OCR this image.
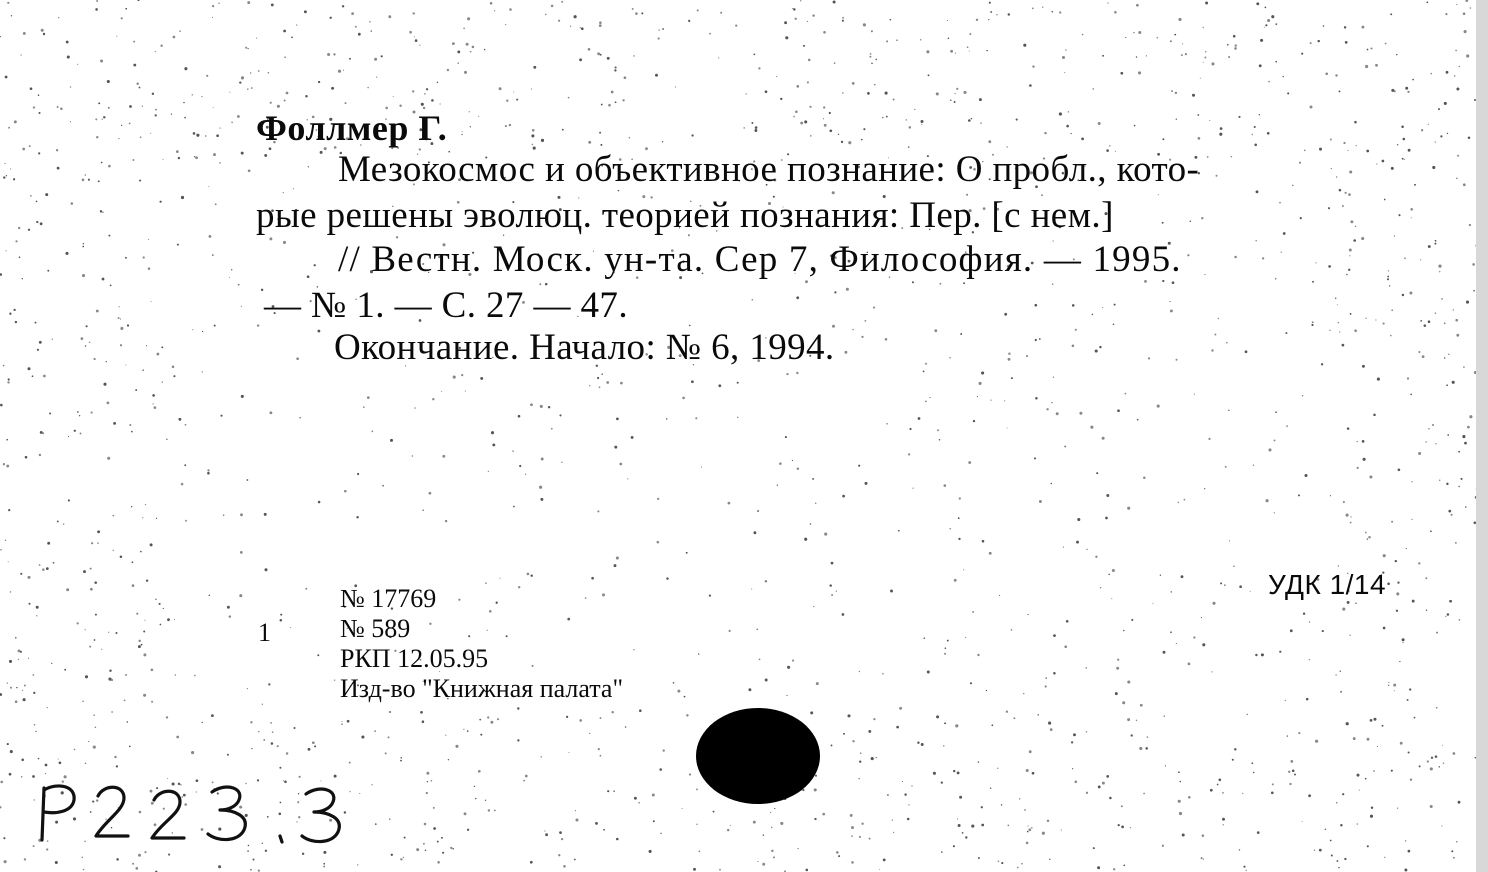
Фоллмер Г.
Мезокосмос и объективное познание: О пробл., кото-
рые решены эволюц. теорией познания: Пер. [с нем.]
// Вестн. Моск. ун-та. Сер 7, Философия. — 1995.
— № 1. — С. 27 — 47.
Окончание. Начало: № 6, 1994.
1
№ 17769
№ 589
РКП 12.05.95
Изд-во "Книжная палата"
УДК 1/14
